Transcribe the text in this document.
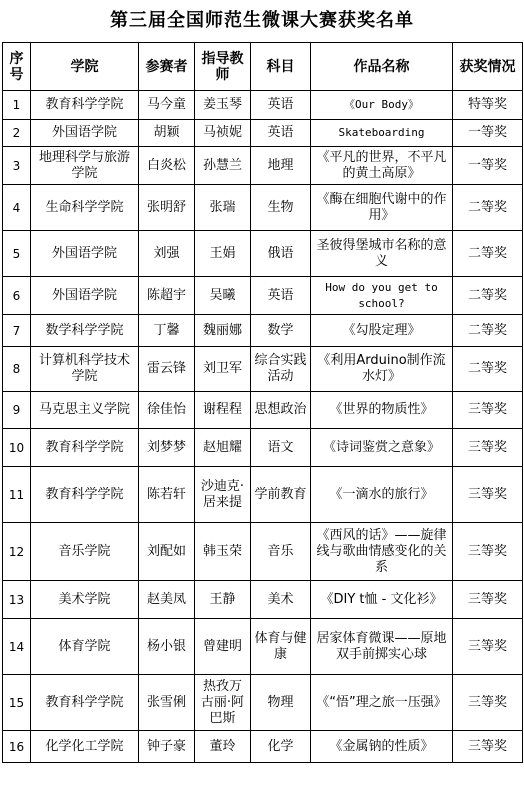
第三届全国师范生微课大赛获奖名单
序号	学院	参赛者	指导教师	科目	作品名称	获奖情况
1	教育科学学院	马今童	姜玉琴	英语	《Our Body》	特等奖
2	外国语学院	胡颖	马祯妮	英语	Skateboarding	一等奖
3	地理科学与旅游学院	白炎松	孙慧兰	地理	《平凡的世界，不平凡的黄土高原》	一等奖
4	生命科学学院	张明舒	张瑞	生物	《酶在细胞代谢中的作用》	二等奖
5	外国语学院	刘强	王娟	俄语	圣彼得堡城市名称的意义	二等奖
6	外国语学院	陈超宇	吴曦	英语	How do you get to school?	二等奖
7	数学科学学院	丁馨	魏丽娜	数学	《勾股定理》	二等奖
8	计算机科学技术学院	雷云锋	刘卫军	综合实践活动	《利用Arduino制作流水灯》	二等奖
9	马克思主义学院	徐佳怡	谢程程	思想政治	《世界的物质性》	三等奖
10	教育科学学院	刘梦梦	赵旭耀	语文	《诗词鉴赏之意象》	三等奖
11	教育科学学院	陈若轩	沙迪克·居来提	学前教育	《一滴水的旅行》	三等奖
12	音乐学院	刘配如	韩玉荣	音乐	《西风的话》——旋律线与歌曲情感变化的关系	三等奖
13	美术学院	赵美凤	王静	美术	《DIY t恤 - 文化衫》	三等奖
14	体育学院	杨小银	曾建明	体育与健康	居家体育微课——原地双手前掷实心球	三等奖
15	教育科学学院	张雪俐	热孜万古丽·阿巴斯	物理	《“悟”理之旅一压强》	三等奖
16	化学化工学院	钟子豪	董玲	化学	《金属钠的性质》	三等奖
